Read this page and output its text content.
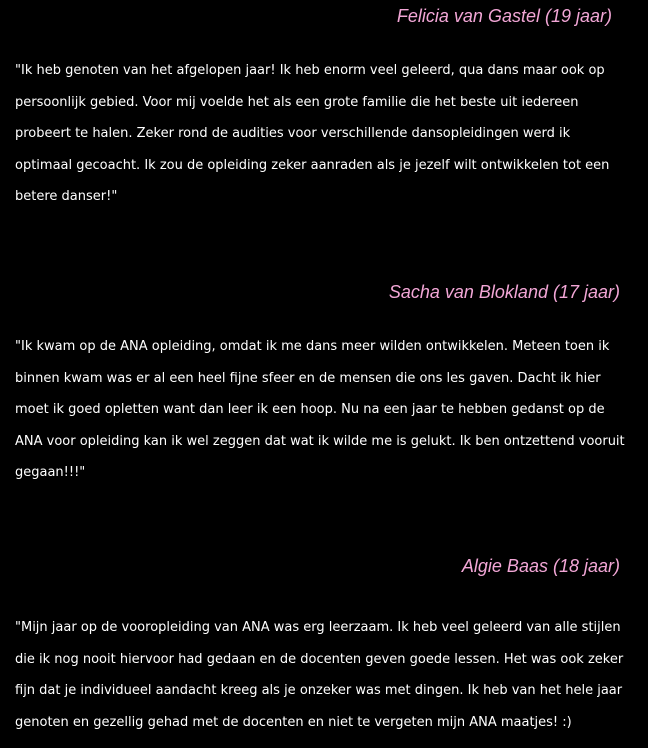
Felicia van Gastel (19 jaar)
"Ik heb genoten van het afgelopen jaar! Ik heb enorm veel geleerd, qua dans maar ook op
persoonlijk gebied. Voor mij voelde het als een grote familie die het beste uit iedereen
probeert te halen. Zeker rond de audities voor verschillende dansopleidingen werd ik
optimaal gecoacht. Ik zou de opleiding zeker aanraden als je jezelf wilt ontwikkelen tot een
betere danser!"
Sacha van Blokland (17 jaar)
"Ik kwam op de ANA opleiding, omdat ik me dans meer wilden ontwikkelen. Meteen toen ik
binnen kwam was er al een heel fijne sfeer en de mensen die ons les gaven. Dacht ik hier
moet ik goed opletten want dan leer ik een hoop. Nu na een jaar te hebben gedanst op de
ANA voor opleiding kan ik wel zeggen dat wat ik wilde me is gelukt. Ik ben ontzettend vooruit
gegaan!!!"
Algie Baas (18 jaar)
"Mijn jaar op de vooropleiding van ANA was erg leerzaam. Ik heb veel geleerd van alle stijlen
die ik nog nooit hiervoor had gedaan en de docenten geven goede lessen. Het was ook zeker
fijn dat je individueel aandacht kreeg als je onzeker was met dingen. Ik heb van het hele jaar
genoten en gezellig gehad met de docenten en niet te vergeten mijn ANA maatjes! :)
